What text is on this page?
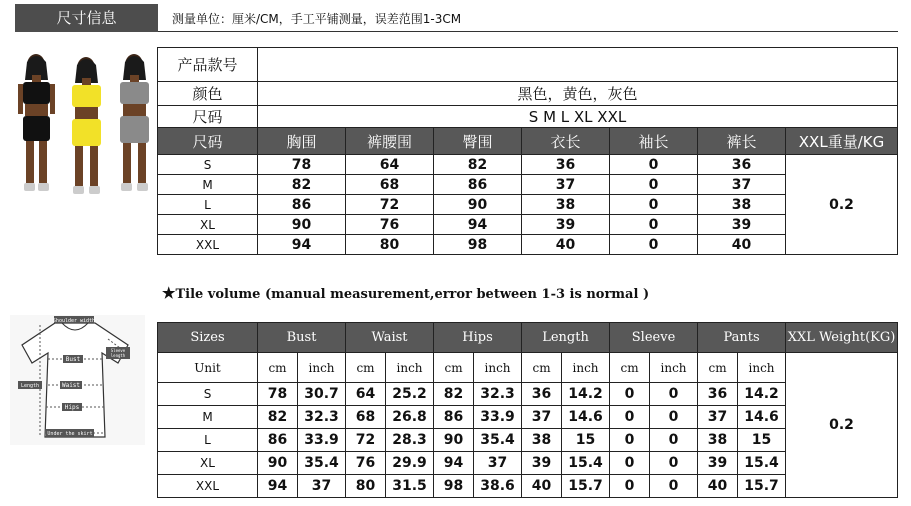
尺寸信息	测量单位：厘米/CM，手工平铺测量，误差范围1-3CM
产品款号							
颜色	黑色，黄色，灰色						
尺码	S M L XL XXL						
尺码	胸围	裤腰围	臀围	衣长	袖长	裤长	XXL重量/KG
S	78	64	82	36	0	36	0.2
M	82	68	86	37	0	37	
L	86	72	90	38	0	38	
XL	90	76	94	39	0	39	
XXL	94	80	98	40	0	40	
★Tile volume (manual measurement,error between 1-3 is normal )
Shoulder width
Sleeve
length
Bust
Length	Waist
Hips
Under the skirt
Sizes	Bust		Waist		Hips		Length		Sleeve		Pants		XXL Weight(KG)
Unit	cm	inch	cm	inch	cm	inch	cm	inch	cm	inch	cm	inch	0.2
S	78	30.7	64	25.2	82	32.3	36	14.2	0	0	36	14.2	
M	82	32.3	68	26.8	86	33.9	37	14.6	0	0	37	14.6	
L	86	33.9	72	28.3	90	35.4	38	15	0	0	38	15	
XL	90	35.4	76	29.9	94	37	39	15.4	0	0	39	15.4	
XXL	94	37	80	31.5	98	38.6	40	15.7	0	0	40	15.7	
